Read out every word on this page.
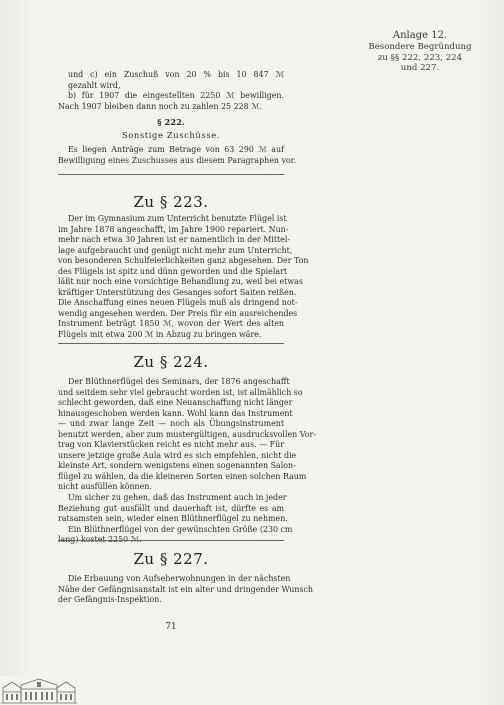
Anlage 12.
Besondere Begründung
zu §§ 222, 223, 224
und 227.
und c) ein Zuschuß von 20 % bis 10 847 ℳ
gezahlt wird,
b) für 1907 die eingestellten 2250 ℳ bewilligen.
Nach 1907 bleiben dann noch zu zahlen 25 228 ℳ.
§ 222.
Sonstige Zuschüsse.
Es liegen Anträge zum Betrage von 63 290 ℳ auf
Bewilligung eines Zuschusses aus diesem Paragraphen vor.
Zu § 223.
Der im Gymnasium zum Unterricht benutzte Flügel ist
im Jahre 1878 angeschafft, im Jahre 1900 repariert. Nun-
mehr nach etwa 30 Jahren ist er namentlich in der Mittel-
lage aufgebraucht und genügt nicht mehr zum Unterricht,
von besonderen Schulfeierlichkeiten ganz abgesehen. Der Ton
des Flügels ist spitz und dünn geworden und die Spielart
läßt nur noch eine vorsichtige Behandlung zu, weil bei etwas
kräftiger Unterstützung des Gesanges sofort Saiten reißen.
Die Anschaffung eines neuen Flügels muß als dringend not-
wendig angesehen werden. Der Preis für ein ausreichendes
Instrument beträgt 1850 ℳ, wovon der Wert des alten
Flügels mit etwa 200 ℳ in Abzug zu bringen wäre.
Zu § 224.
Der Blüthnerflügel des Seminars, der 1876 angeschafft
und seitdem sehr viel gebraucht worden ist, ist allmählich so
schlecht geworden, daß eine Neuanschaffung nicht länger
hinausgeschoben werden kann. Wohl kann das Instrument
— und zwar lange Zeit — noch als Übungsinstrument
benutzt werden, aber zum mustergültigen, ausdrucksvollen Vor-
trag von Klavierstücken reicht es nicht mehr aus. — Für
unsere jetzige große Aula wird es sich empfehlen, nicht die
kleinste Art, sondern wenigstens einen sogenannten Salon-
flügel zu wählen, da die kleineren Sorten einen solchen Raum
nicht ausfüllen können.
Um sicher zu gehen, daß das Instrument auch in jeder
Beziehung gut ausfällt und dauerhaft ist, dürfte es am
ratsamsten sein, wieder einen Blüthnerflügel zu nehmen.
Ein Blüthnerflügel von der gewünschten Größe (230 cm
lang) kostet 2250 ℳ.
Zu § 227.
Die Erbauung von Aufseherwohnungen in der nächsten
Nähe der Gefängnisanstalt ist ein alter und dringender Wunsch
der Gefängnis-Inspektion.
71
